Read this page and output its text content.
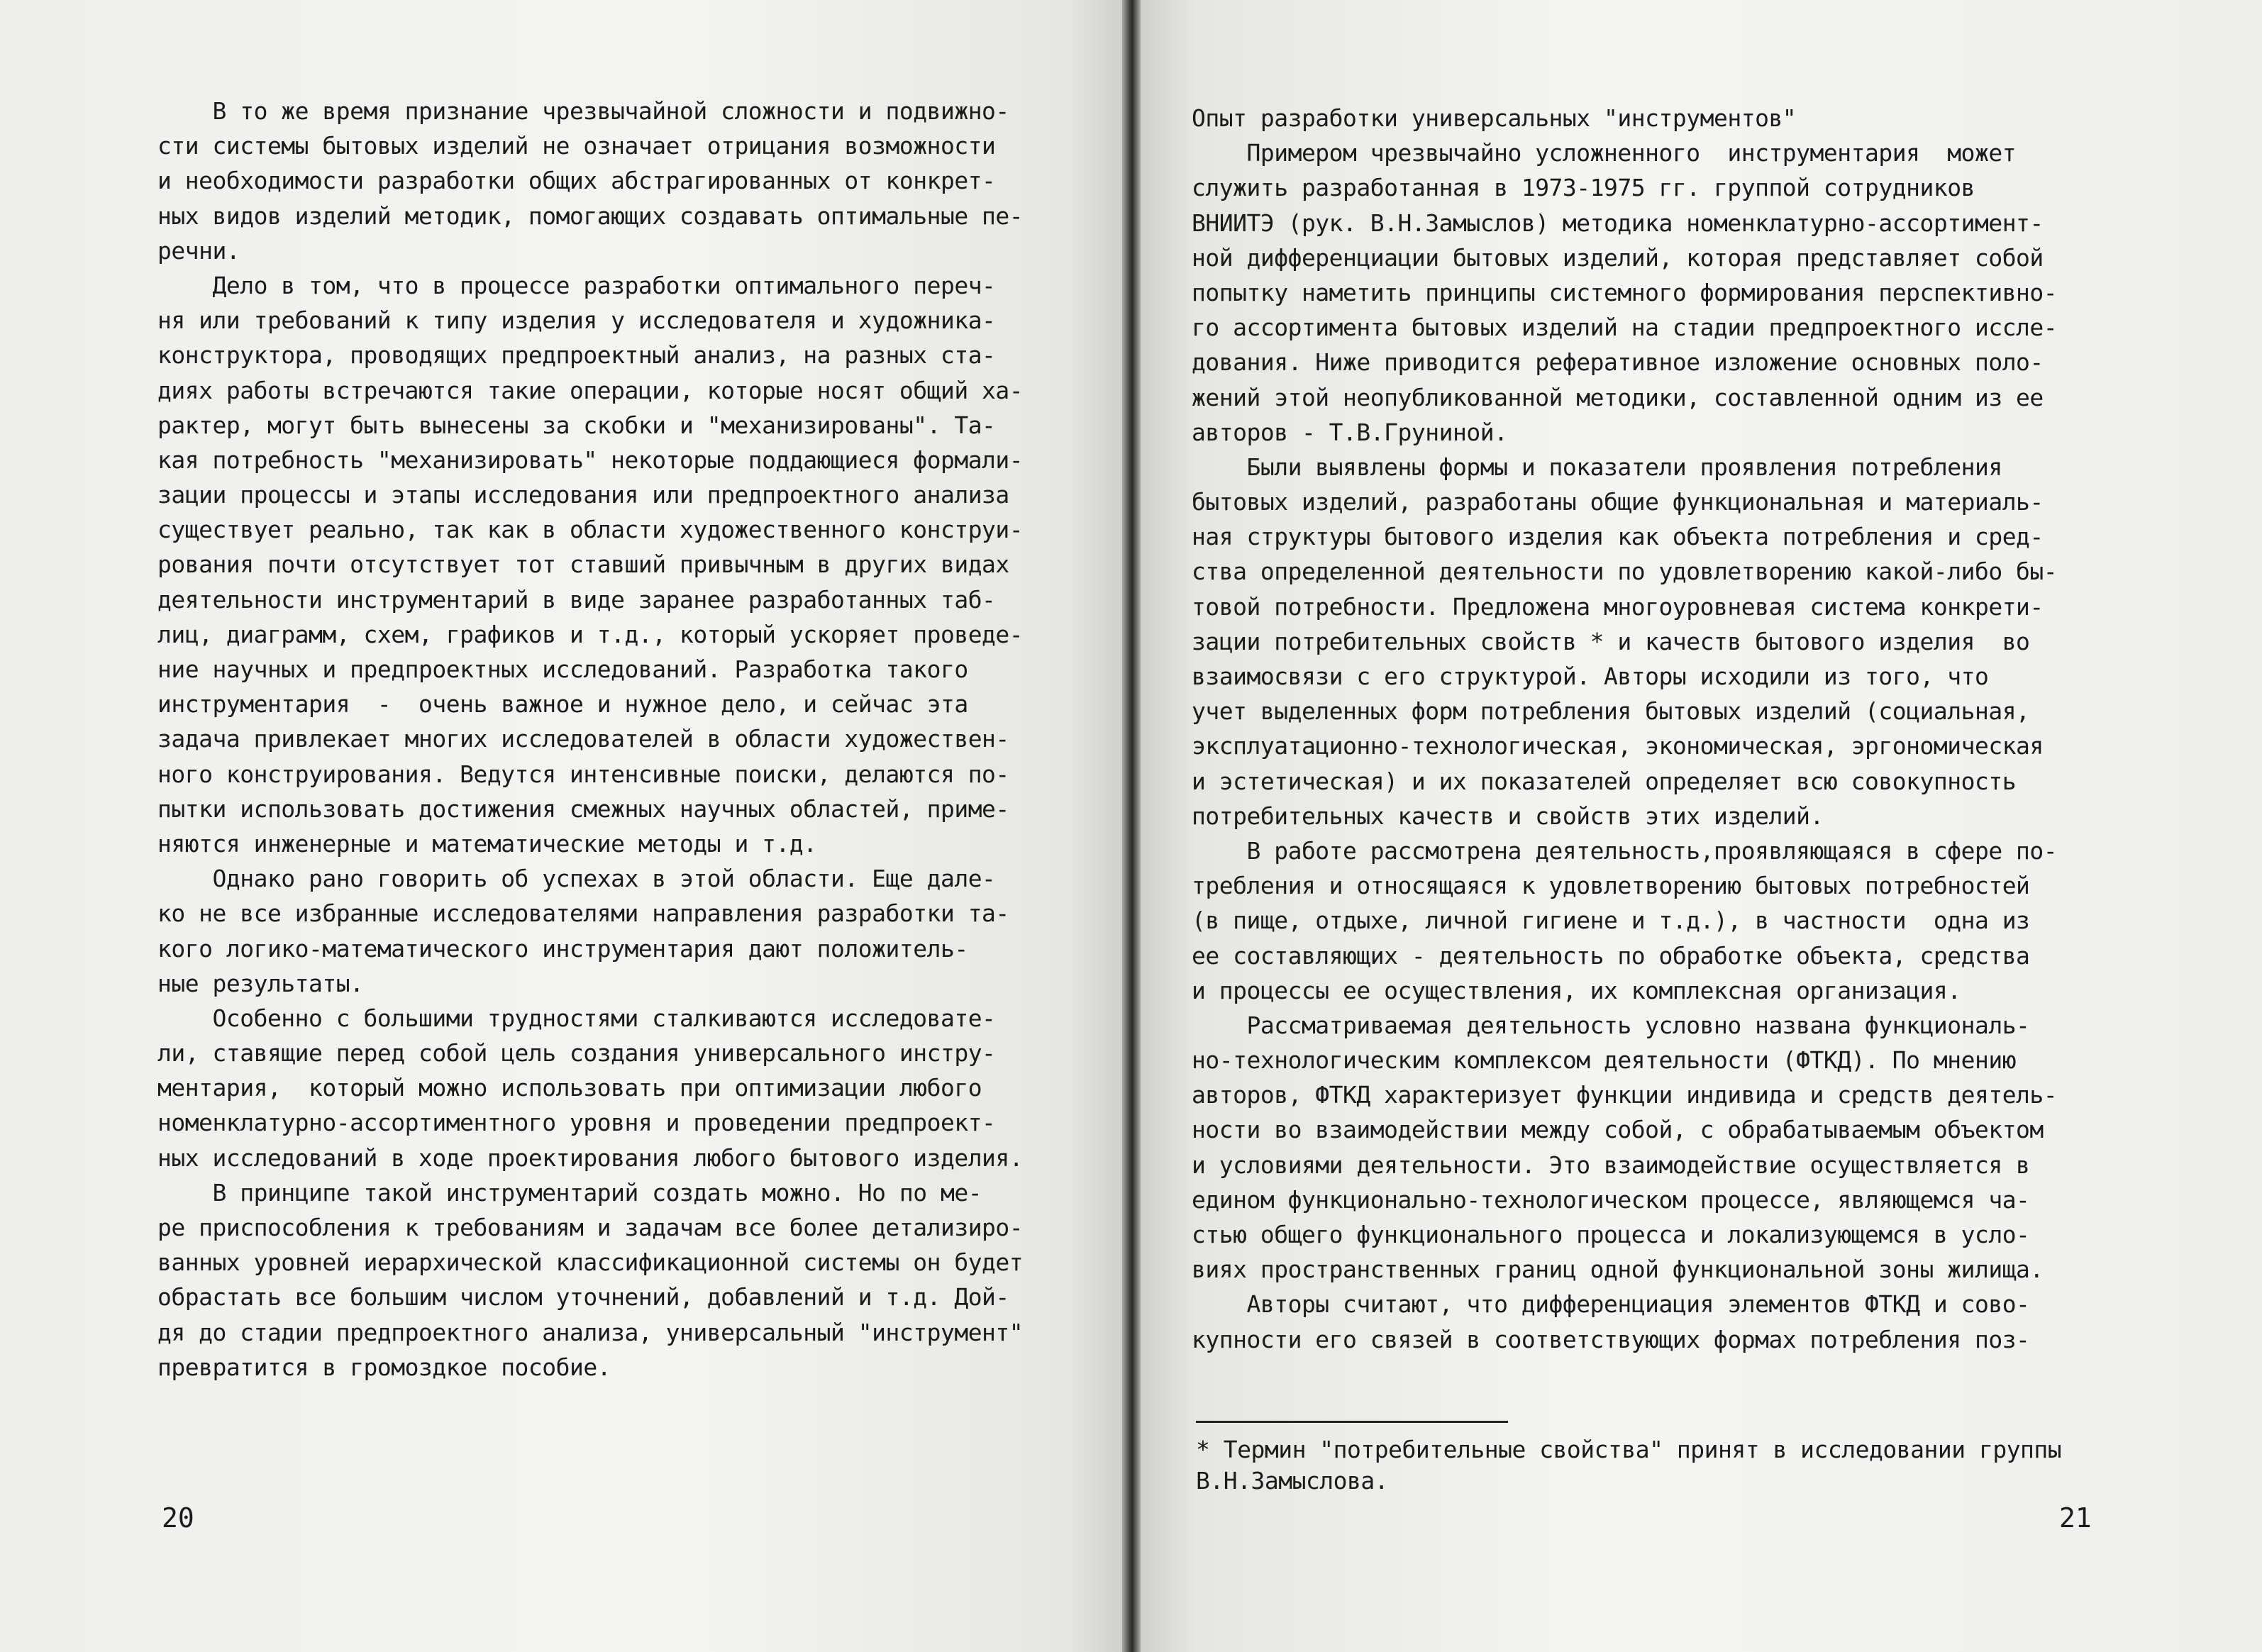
В то же время признание чрезвычайной сложности и подвижно-
сти системы бытовых изделий не означает отрицания возможности
и необходимости разработки общих абстрагированных от конкрет-
ных видов изделий методик, помогающих создавать оптимальные пе-
речни.
Дело в том, что в процессе разработки оптимального переч-
ня или требований к типу изделия у исследователя и художника-
конструктора, проводящих предпроектный анализ, на разных ста-
диях работы встречаются такие операции, которые носят общий ха-
рактер, могут быть вынесены за скобки и "механизированы". Та-
кая потребность "механизировать" некоторые поддающиеся формали-
зации процессы и этапы исследования или предпроектного анализа
существует реально, так как в области художественного конструи-
рования почти отсутствует тот ставший привычным в других видах
деятельности инструментарий в виде заранее разработанных таб-
лиц, диаграмм, схем, графиков и т.д., который ускоряет проведе-
ние научных и предпроектных исследований. Разработка такого
инструментария  -  очень важное и нужное дело, и сейчас эта
задача привлекает многих исследователей в области художествен-
ного конструирования. Ведутся интенсивные поиски, делаются по-
пытки использовать достижения смежных научных областей, приме-
няются инженерные и математические методы и т.д.
Однако рано говорить об успехах в этой области. Еще дале-
ко не все избранные исследователями направления разработки та-
кого логико-математического инструментария дают положитель-
ные результаты.
Особенно с большими трудностями сталкиваются исследовате-
ли, ставящие перед собой цель создания универсального инстру-
ментария,  который можно использовать при оптимизации любого
номенклатурно-ассортиментного уровня и проведении предпроект-
ных исследований в ходе проектирования любого бытового изделия.
В принципе такой инструментарий создать можно. Но по ме-
ре приспособления к требованиям и задачам все более детализиро-
ванных уровней иерархической классификационной системы он будет
обрастать все большим числом уточнений, добавлений и т.д. Дой-
дя до стадии предпроектного анализа, универсальный "инструмент"
превратится в громоздкое пособие.
20
Опыт разработки универсальных "инструментов"
Примером чрезвычайно усложненного  инструментария  может
служить разработанная в 1973-1975 гг. группой сотрудников
ВНИИТЭ (рук. В.Н.Замыслов) методика номенклатурно-ассортимент-
ной дифференциации бытовых изделий, которая представляет собой
попытку наметить принципы системного формирования перспективно-
го ассортимента бытовых изделий на стадии предпроектного иссле-
дования. Ниже приводится реферативное изложение основных поло-
жений этой неопубликованной методики, составленной одним из ее
авторов - Т.В.Груниной.
Были выявлены формы и показатели проявления потребления
бытовых изделий, разработаны общие функциональная и материаль-
ная структуры бытового изделия как объекта потребления и сред-
ства определенной деятельности по удовлетворению какой-либо бы-
товой потребности. Предложена многоуровневая система конкрети-
зации потребительных свойств * и качеств бытового изделия  во
взаимосвязи с его структурой. Авторы исходили из того, что
учет выделенных форм потребления бытовых изделий (социальная,
эксплуатационно-технологическая, экономическая, эргономическая
и эстетическая) и их показателей определяет всю совокупность
потребительных качеств и свойств этих изделий.
В работе рассмотрена деятельность,проявляющаяся в сфере по-
требления и относящаяся к удовлетворению бытовых потребностей
(в пище, отдыхе, личной гигиене и т.д.), в частности  одна из
ее составляющих - деятельность по обработке объекта, средства
и процессы ее осуществления, их комплексная организация.
Рассматриваемая деятельность условно названа функциональ-
но-технологическим комплексом деятельности (ФТКД). По мнению
авторов, ФТКД характеризует функции индивида и средств деятель-
ности во взаимодействии между собой, с обрабатываемым объектом
и условиями деятельности. Это взаимодействие осуществляется в
едином функционально-технологическом процессе, являющемся ча-
стью общего функционального процесса и локализующемся в усло-
виях пространственных границ одной функциональной зоны жилища.
Авторы считают, что дифференциация элементов ФТКД и сово-
купности его связей в соответствующих формах потребления поз-
* Термин "потребительные свойства" принят в исследовании группы
В.Н.Замыслова.
21
